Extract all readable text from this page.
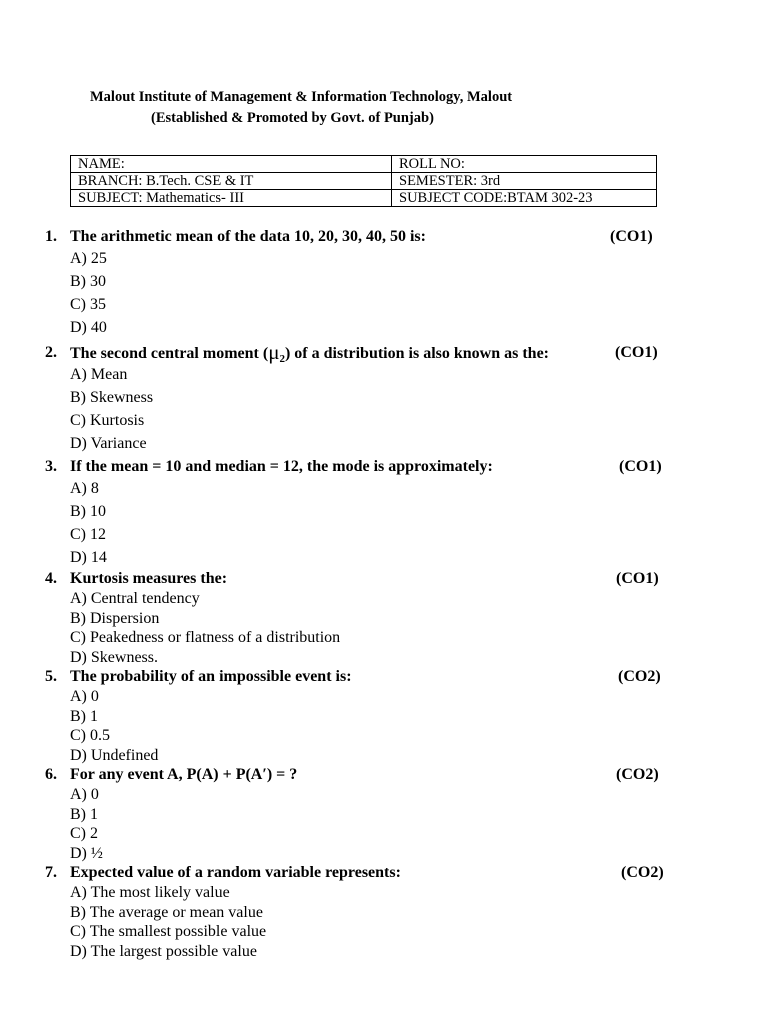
Malout Institute of Management & Information Technology, Malout
(Established & Promoted by Govt. of Punjab)
NAME:	ROLL NO:
BRANCH: B.Tech. CSE & IT	SEMESTER: 3rd
SUBJECT: Mathematics- III	SUBJECT CODE:BTAM 302-23
1. The arithmetic mean of the data 10, 20, 30, 40, 50 is:	(CO1)
A) 25
B) 30
C) 35
D) 40
2. The second central moment $(\mu_2)$ of a distribution is also known as the:	(CO1)
A) Mean
B) Skewness
C) Kurtosis
D) Variance
3. If the mean = 10 and median = 12, the mode is approximately:	(CO1)
A) 8
B) 10
C) 12
D) 14
4. Kurtosis measures the:	(CO1)
A) Central tendency
B) Dispersion
C) Peakedness or flatness of a distribution
D) Skewness.
5. The probability of an impossible event is:	(CO2)
A) 0
B) 1
C) 0.5
D) Undefined
6. For any event A, P(A) + P(A′) = ?	(CO2)
A) 0
B) 1
C) 2
D) ½
7. Expected value of a random variable represents:	(CO2)
A) The most likely value
B) The average or mean value
C) The smallest possible value
D) The largest possible value
